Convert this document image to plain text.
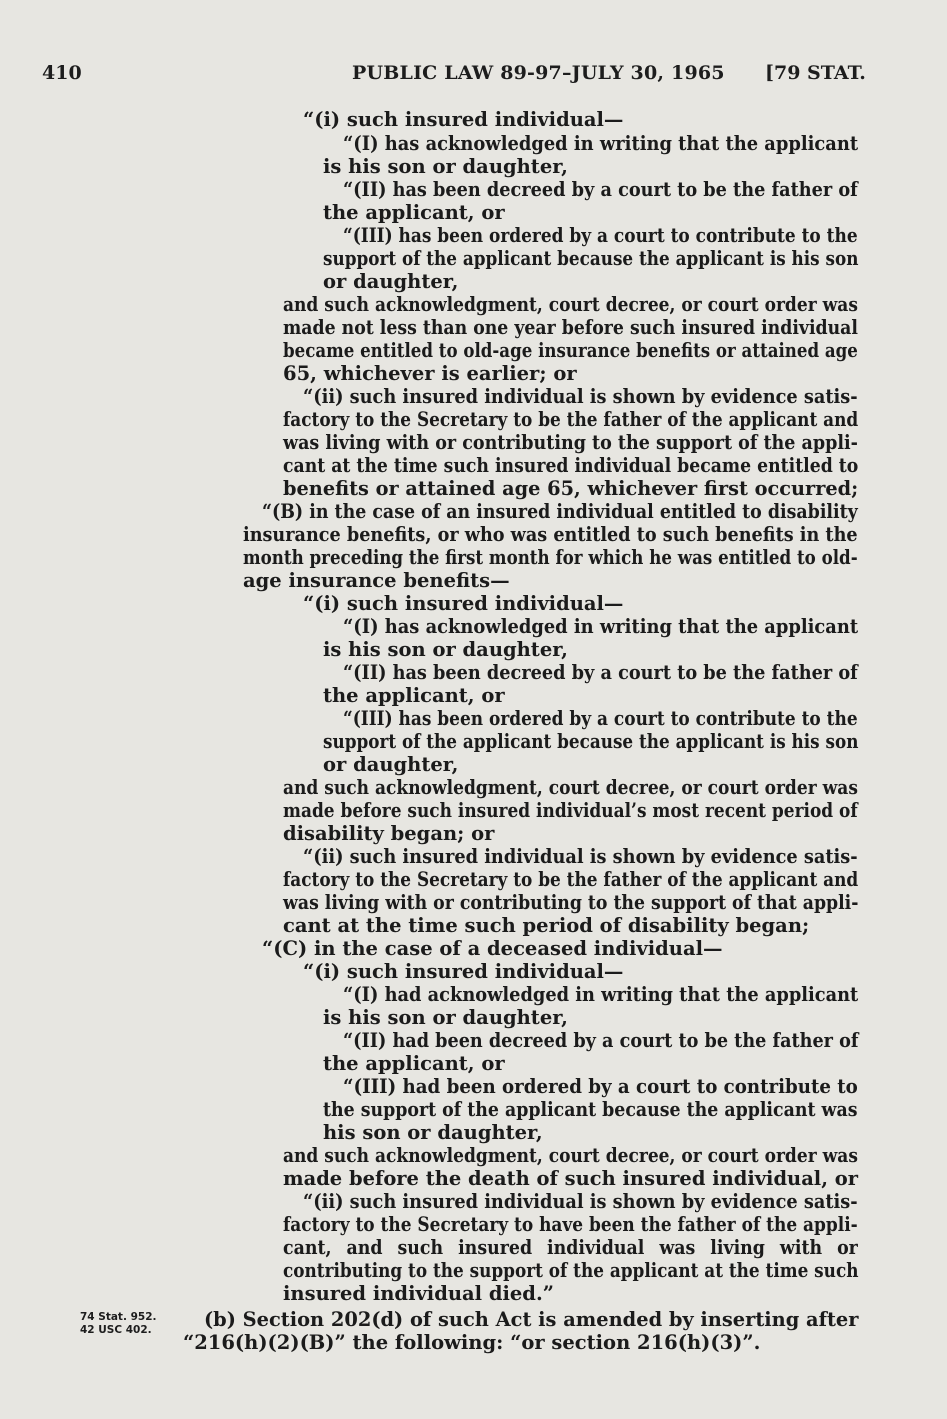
410	PUBLIC LAW 89-97–JULY 30, 1965 [79 STAT.
“(i) such insured individual—
“(I) has acknowledged in writing that the applicant
is his son or daughter,
“(II) has been decreed by a court to be the father of
the applicant, or
“(III) has been ordered by a court to contribute to the
support of the applicant because the applicant is his son
or daughter,
and such acknowledgment, court decree, or court order was
made not less than one year before such insured individual
became entitled to old-age insurance benefits or attained age
65, whichever is earlier; or
“(ii) such insured individual is shown by evidence satis-
factory to the Secretary to be the father of the applicant and
was living with or contributing to the support of the appli-
cant at the time such insured individual became entitled to
benefits or attained age 65, whichever first occurred;
“(B) in the case of an insured individual entitled to disability
insurance benefits, or who was entitled to such benefits in the
month preceding the first month for which he was entitled to old-
age insurance benefits—
“(i) such insured individual—
“(I) has acknowledged in writing that the applicant
is his son or daughter,
“(II) has been decreed by a court to be the father of
the applicant, or
“(III) has been ordered by a court to contribute to the
support of the applicant because the applicant is his son
or daughter,
and such acknowledgment, court decree, or court order was
made before such insured individual’s most recent period of
disability began; or
“(ii) such insured individual is shown by evidence satis-
factory to the Secretary to be the father of the applicant and
was living with or contributing to the support of that appli-
cant at the time such period of disability began;
“(C) in the case of a deceased individual—
“(i) such insured individual—
“(I) had acknowledged in writing that the applicant
is his son or daughter,
“(II) had been decreed by a court to be the father of
the applicant, or
“(III) had been ordered by a court to contribute to
the support of the applicant because the applicant was
his son or daughter,
and such acknowledgment, court decree, or court order was
made before the death of such insured individual, or
“(ii) such insured individual is shown by evidence satis-
factory to the Secretary to have been the father of the appli-
cant, and such insured individual was living with or
contributing to the support of the applicant at the time such
insured individual died.”
(b) Section 202(d) of such Act is amended by inserting after
“216(h)(2)(B)” the following: “or section 216(h)(3)”.
74 Stat. 952.
42 USC 402.
